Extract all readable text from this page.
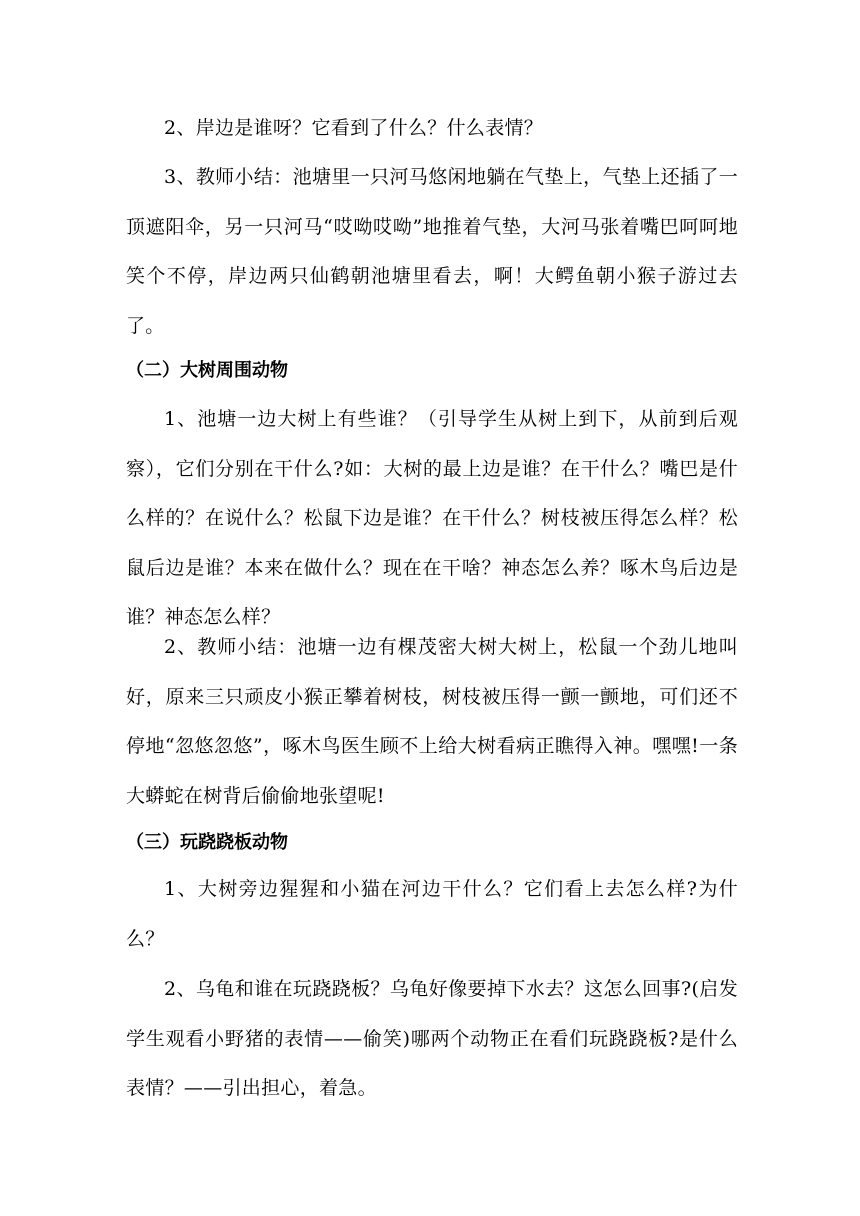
2、岸边是谁呀？它看到了什么？什么表情？

3、教师小结：池塘里一只河马悠闲地躺在气垫上，气垫上还插了一顶遮阳伞，另一只河马“哎呦哎呦”地推着气垫，大河马张着嘴巴呵呵地笑个不停，岸边两只仙鹤朝池塘里看去，啊！大鳄鱼朝小猴子游过去了。

（二）大树周围动物

1、池塘一边大树上有些谁？（引导学生从树上到下，从前到后观察），它们分别在干什么?如：大树的最上边是谁？在干什么？嘴巴是什么样的？在说什么？松鼠下边是谁？在干什么？树枝被压得怎么样？松鼠后边是谁？本来在做什么？现在在干啥？神态怎么养？啄木鸟后边是谁？神态怎么样？

2、教师小结：池塘一边有棵茂密大树大树上，松鼠一个劲儿地叫好，原来三只顽皮小猴正攀着树枝，树枝被压得一颤一颤地，可们还不停地“忽悠忽悠”，啄木鸟医生顾不上给大树看病正瞧得入神。嘿嘿!一条大蟒蛇在树背后偷偷地张望呢!

（三）玩跷跷板动物

1、大树旁边猩猩和小猫在河边干什么？它们看上去怎么样?为什么？

2、乌龟和谁在玩跷跷板？乌龟好像要掉下水去？这怎么回事?(启发学生观看小野猪的表情——偷笑)哪两个动物正在看们玩跷跷板?是什么表情？——引出担心，着急。
